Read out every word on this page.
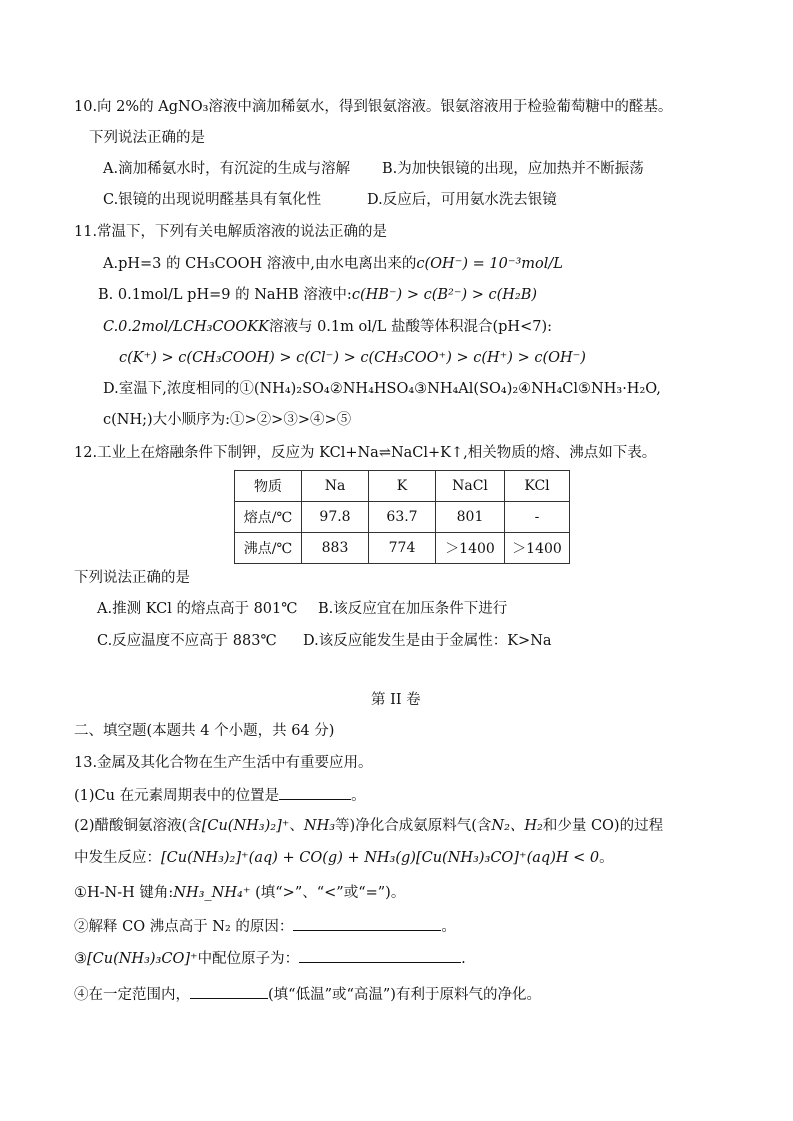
10.向 2%的 AgNO₃溶液中滴加稀氨水，得到银氨溶液。银氨溶液用于检验葡萄糖中的醛基。
下列说法正确的是
A.滴加稀氨水时，有沉淀的生成与溶解 B.为加快银镜的出现，应加热并不断振荡
C.银镜的出现说明醛基具有氧化性	D.反应后，可用氨水洗去银镜
11.常温下，下列有关电解质溶液的说法正确的是
A.pH=3 的 CH₃COOH 溶液中,由水电离出来的c(OH⁻) = 10⁻³mol/L
B. 0.1mol/L pH=9 的 NaHB 溶液中:c(HB⁻) > c(B²⁻) > c(H₂B)
C.0.2mol/LCH₃COOKK溶液与 0.1m ol/L 盐酸等体积混合(pH<7):
c(K⁺) > c(CH₃COOH) > c(Cl⁻) > c(CH₃COO⁺) > c(H⁺) > c(OH⁻)
D.室温下,浓度相同的①(NH₄)₂SO₄②NH₄HSO₄③NH₄Al(SO₄)₂④NH₄Cl⑤NH₃·H₂O,
c(NH;)大小顺序为:①>②>③>④>⑤
12.工业上在熔融条件下制钾，反应为 KCl+Na⇌NaCl+K↑,相关物质的熔、沸点如下表。
物质	Na	K	NaCl	KCl
熔点/℃	97.8	63.7	801	-
沸点/℃	883	774	＞1400	＞1400
下列说法正确的是
A.推测 KCl 的熔点高于 801℃ B.该反应宜在加压条件下进行
C.反应温度不应高于 883℃ D.该反应能发生是由于金属性：K>Na
第 II 卷
二、填空题(本题共 4 个小题，共 64 分)
13.金属及其化合物在生产生活中有重要应用。
(1)Cu 在元素周期表中的位置是	。
(2)醋酸铜氨溶液(含[Cu(NH₃)₂]⁺、NH₃等)净化合成氨原料气(含N₂、H₂和少量 CO)的过程
中发生反应：[Cu(NH₃)₂]⁺(aq) + CO(g) + NH₃(g)[Cu(NH₃)₃CO]⁺(aq)H < 0。
①H-N-H 键角:NH₃_NH₄⁺ (填“>”、“<”或“=”)。
②解释 CO 沸点高于 N₂ 的原因：	。
③[Cu(NH₃)₃CO]⁺中配位原子为：	.
④在一定范围内，	(填“低温”或“高温”)有利于原料气的净化。
